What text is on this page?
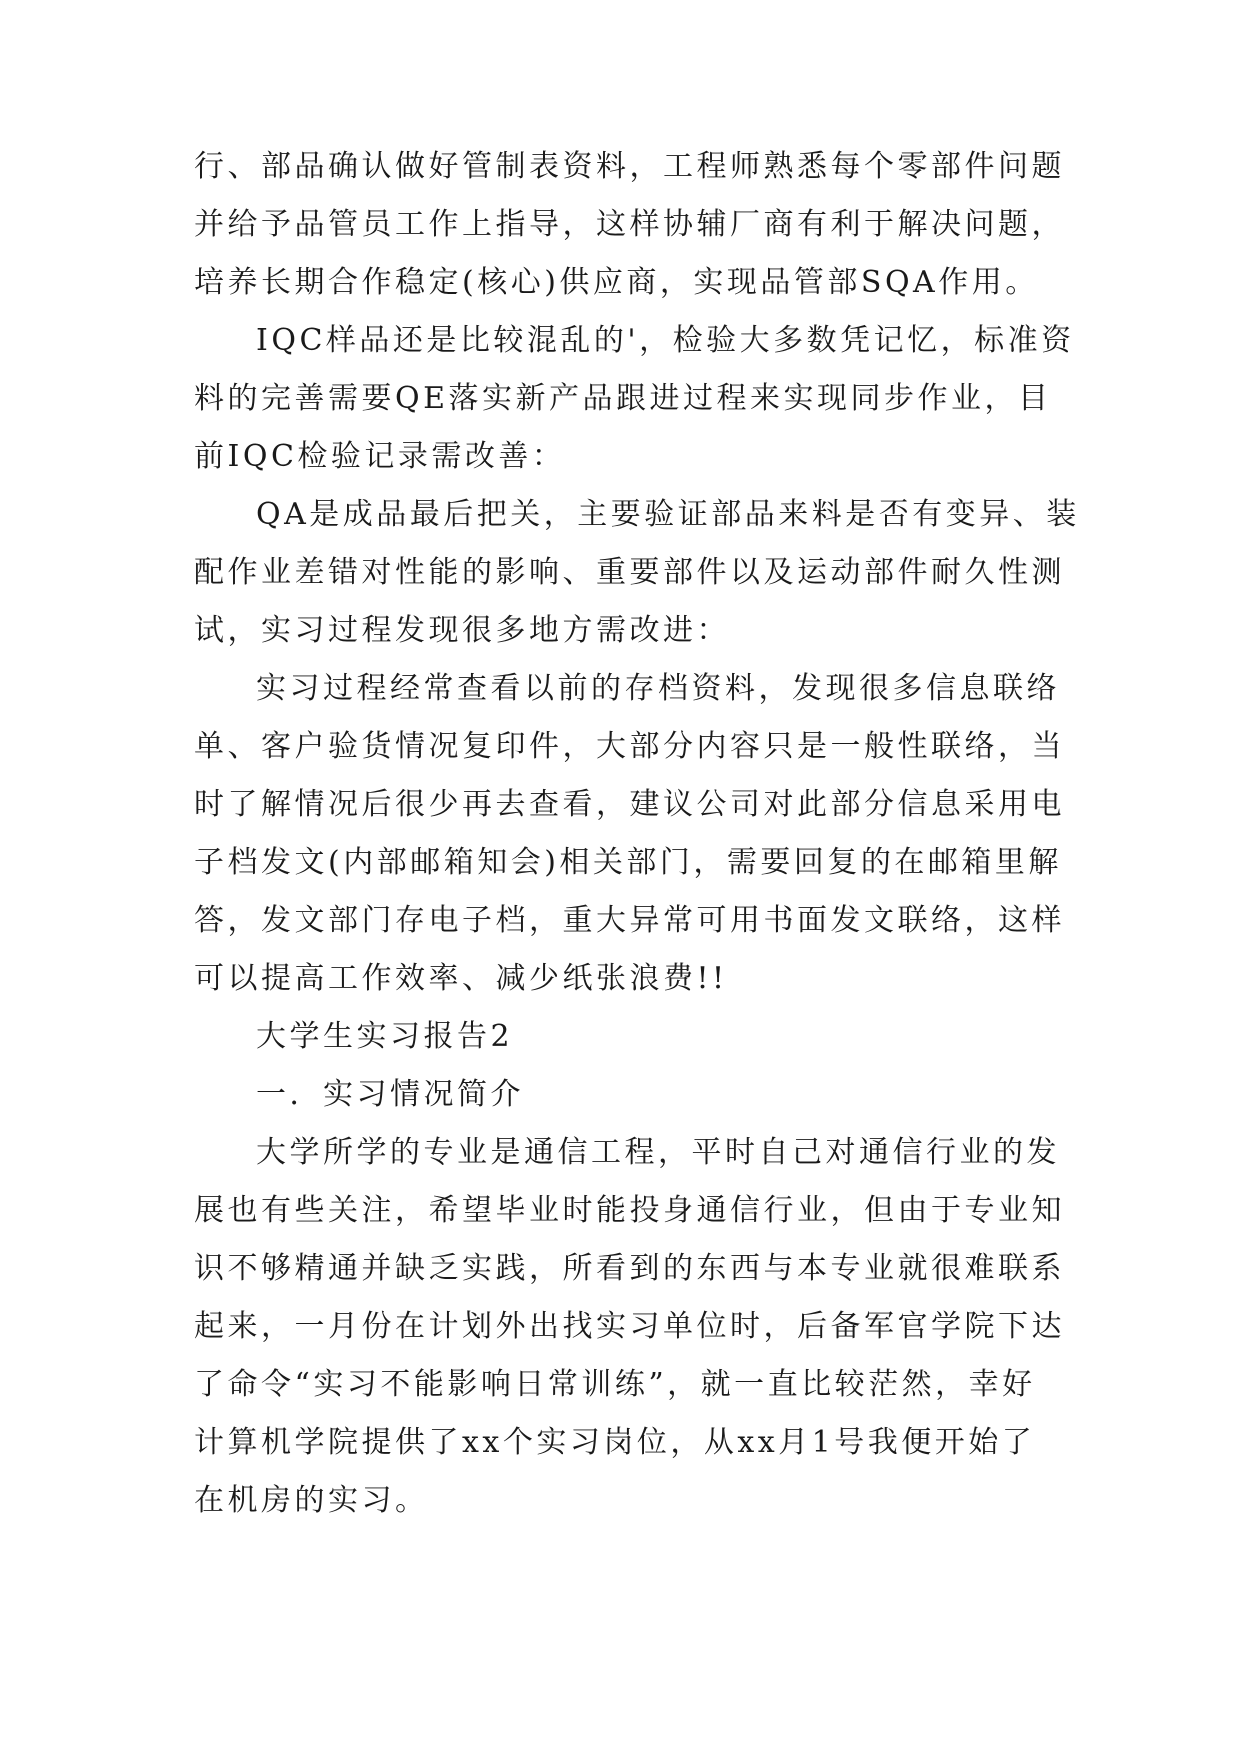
行、部品确认做好管制表资料，工程师熟悉每个零部件问题
并给予品管员工作上指导，这样协辅厂商有利于解决问题，
培养长期合作稳定(核心)供应商，实现品管部SQA作用。
IQC样品还是比较混乱的'，检验大多数凭记忆，标准资
料的完善需要QE落实新产品跟进过程来实现同步作业，目
前IQC检验记录需改善：
QA是成品最后把关，主要验证部品来料是否有变异、装
配作业差错对性能的影响、重要部件以及运动部件耐久性测
试，实习过程发现很多地方需改进：
实习过程经常查看以前的存档资料，发现很多信息联络
单、客户验货情况复印件，大部分内容只是一般性联络，当
时了解情况后很少再去查看，建议公司对此部分信息采用电
子档发文(内部邮箱知会)相关部门，需要回复的在邮箱里解
答，发文部门存电子档，重大异常可用书面发文联络，这样
可以提高工作效率、减少纸张浪费!!
大学生实习报告2
一．实习情况简介
大学所学的专业是通信工程，平时自己对通信行业的发
展也有些关注，希望毕业时能投身通信行业，但由于专业知
识不够精通并缺乏实践，所看到的东西与本专业就很难联系
起来，一月份在计划外出找实习单位时，后备军官学院下达
了命令“实习不能影响日常训练”，就一直比较茫然，幸好
计算机学院提供了xx个实习岗位，从xx月1号我便开始了
在机房的实习。
